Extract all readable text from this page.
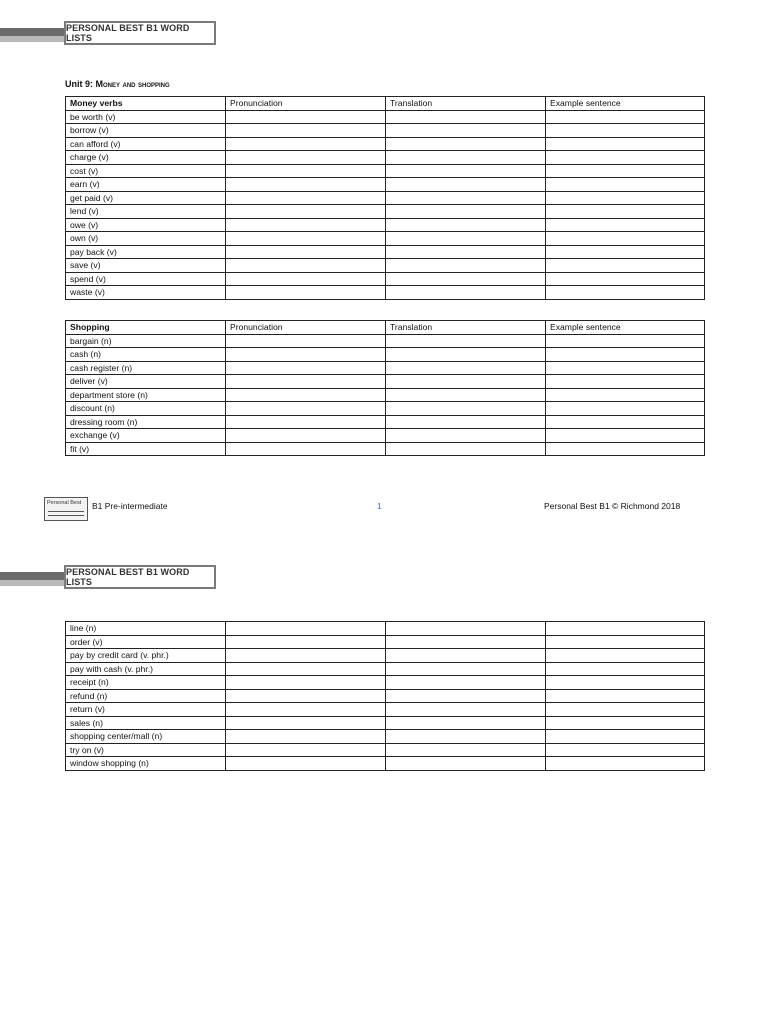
PERSONAL BEST B1 WORD LISTS
Unit 9: Money and shopping
Money verbs	Pronunciation	Translation	Example sentence
be worth (v)			
borrow (v)			
can afford (v)			
charge (v)			
cost (v)			
earn (v)			
get paid (v)			
lend (v)			
owe (v)			
own (v)			
pay back (v)			
save (v)			
spend (v)			
waste (v)			
Shopping	Pronunciation	Translation	Example sentence
bargain (n)			
cash (n)			
cash register (n)			
deliver (v)			
department store (n)			
discount (n)			
dressing room (n)			
exchange (v)			
fit (v)			
Personal Best B1 Pre-intermediate	1	Personal Best B1 © Richmond 2018
PERSONAL BEST B1 WORD LISTS
line (n)			
order (v)			
pay by credit card (v. phr.)			
pay with cash (v. phr.)			
receipt (n)			
refund (n)			
return (v)			
sales (n)			
shopping center/mall (n)			
try on (v)			
window shopping (n)			
